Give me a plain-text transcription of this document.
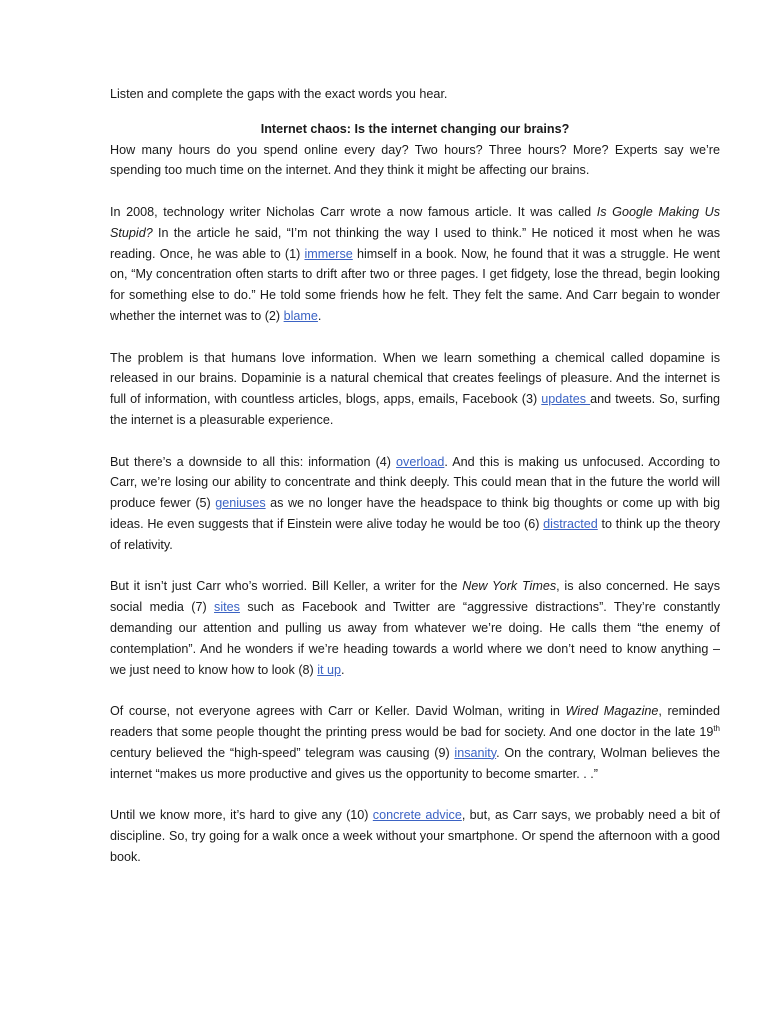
Listen and complete the gaps with the exact words you hear.

Internet chaos: Is the internet changing our brains?

How many hours do you spend online every day? Two hours? Three hours? More? Experts say we’re spending too much time on the internet. And they think it might be affecting our brains.

In 2008, technology writer Nicholas Carr wrote a now famous article. It was called Is Google Making Us Stupid? In the article he said, “I’m not thinking the way I used to think.” He noticed it most when he was reading. Once, he was able to (1) immerse himself in a book. Now, he found that it was a struggle. He went on, “My concentration often starts to drift after two or three pages. I get fidgety, lose the thread, begin looking for something else to do.” He told some friends how he felt. They felt the same. And Carr begain to wonder whether the internet was to (2) blame.

The problem is that humans love information. When we learn something a chemical called dopamine is released in our brains. Dopaminie is a natural chemical that creates feelings of pleasure. And the internet is full of information, with countless articles, blogs, apps, emails, Facebook (3) updates and tweets. So, surfing the internet is a pleasurable experience.

But there’s a downside to all this: information (4) overload. And this is making us unfocused. According to Carr, we’re losing our ability to concentrate and think deeply. This could mean that in the future the world will produce fewer (5) geniuses as we no longer have the headspace to think big thoughts or come up with big ideas. He even suggests that if Einstein were alive today he would be too (6) distracted to think up the theory of relativity.

But it isn’t just Carr who’s worried. Bill Keller, a writer for the New York Times, is also concerned. He says social media (7) sites such as Facebook and Twitter are “aggressive distractions”. They’re constantly demanding our attention and pulling us away from whatever we’re doing. He calls them “the enemy of contemplation”. And he wonders if we’re heading towards a world where we don’t need to know anything – we just need to know how to look (8) it up.

Of course, not everyone agrees with Carr or Keller. David Wolman, writing in Wired Magazine, reminded readers that some people thought the printing press would be bad for society. And one doctor in the late 19th century believed the “high-speed” telegram was causing (9) insanity. On the contrary, Wolman believes the internet “makes us more productive and gives us the opportunity to become smarter. . .”

Until we know more, it’s hard to give any (10) concrete advice, but, as Carr says, we probably need a bit of discipline. So, try going for a walk once a week without your smartphone. Or spend the afternoon with a good book.
